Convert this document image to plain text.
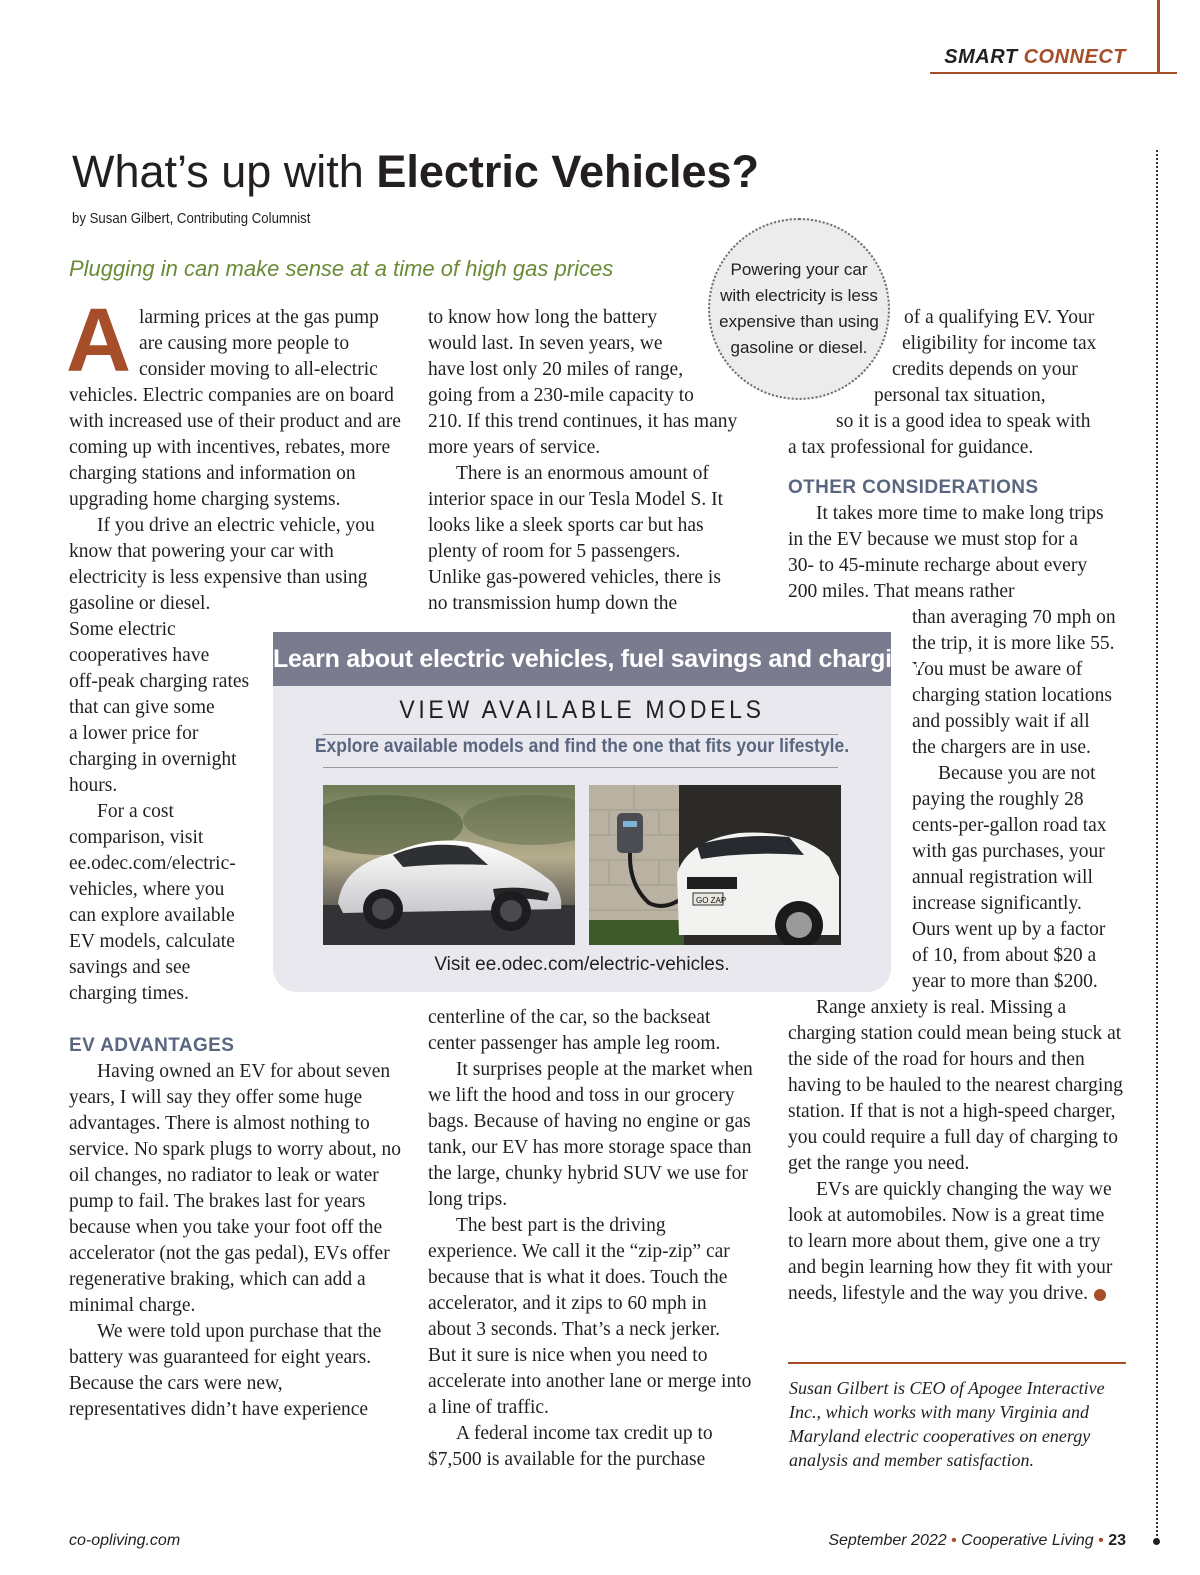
SMART CONNECT
What’s up with Electric Vehicles?
by Susan Gilbert, Contributing Columnist
Plugging in can make sense at a time of high gas prices
A larming prices at the gas pump
are causing more people to
consider moving to all-electric

vehicles. Electric companies are on board with increased use of their product and are coming up with incentives, rebates, more charging stations and information on upgrading home charging systems.

If you drive an electric vehicle, you know that powering your car with electricity is less expensive than using gasoline or diesel.

Some electric
cooperatives have
off-peak charging rates
that can give some
a lower price for
charging in overnight
hours.
For a cost
comparison, visit
ee.odec.com/electric-
vehicles, where you
can explore available
EV models, calculate
savings and see
charging times.
EV ADVANTAGES

Having owned an EV for about seven years, I will say they offer some huge advantages. There is almost nothing to service. No spark plugs to worry about, no oil changes, no radiator to leak or water pump to fail. The brakes last for years because when you take your foot off the accelerator (not the gas pedal), EVs offer regenerative braking, which can add a minimal charge.

We were told upon purchase that the battery was guaranteed for eight years. Because the cars were new, representatives didn’t have experience

to know how long the battery
would last. In seven years, we
have lost only 20 miles of range,
going from a 230-mile capacity to

210. If this trend continues, it has many more years of service.

There is an enormous amount of interior space in our Tesla Model S. It looks like a sleek sports car but has plenty of room for 5 passengers. Unlike gas-powered vehicles, there is no transmission hump down the

centerline of the car, so the backseat center passenger has ample leg room.

It surprises people at the market when we lift the hood and toss in our grocery bags. Because of having no engine or gas tank, our EV has more storage space than the large, chunky hybrid SUV we use for long trips.

The best part is the driving experience. We call it the “zip-zip” car because that is what it does. Touch the accelerator, and it zips to 60 mph in about 3 seconds. That’s a neck jerker. But it sure is nice when you need to accelerate into another lane or merge into a line of traffic.

A federal income tax credit up to $7,500 is available for the purchase

of a qualifying EV. Your
eligibility for income tax
credits depends on your
personal tax situation,
so it is a good idea to speak with
a tax professional for guidance.
OTHER CONSIDERATIONS

It takes more time to make long trips in the EV because we must stop for a 30- to 45-minute recharge about every 200 miles. That means rather

than averaging 70 mph on
the trip, it is more like 55.
You must be aware of
charging station locations
and possibly wait if all
the chargers are in use.
Because you are not
paying the roughly 28
cents-per-gallon road tax
with gas purchases, your
annual registration will
increase significantly.
Ours went up by a factor
of 10, from about $20 a
year to more than $200.

Range anxiety is real. Missing a charging station could mean being stuck at the side of the road for hours and then having to be hauled to the nearest charging station. If that is not a high-speed charger, you could require a full day of charging to get the range you need.

EVs are quickly changing the way we look at automobiles. Now is a great time to learn more about them, give one a try and begin learning how they fit with your needs, lifestyle and the way you drive.

Powering your car with electricity is less expensive than using gasoline or diesel.
Learn about electric vehicles, fuel savings and charging
VIEW AVAILABLE MODELS
Explore available models and find the one that fits your lifestyle.
GO ZAP
Visit ee.odec.com/electric-vehicles.
Susan Gilbert is CEO of Apogee Interactive Inc., which works with many Virginia and Maryland electric cooperatives on energy analysis and member satisfaction.
co-opliving.com	September 2022 • Cooperative Living • 23
